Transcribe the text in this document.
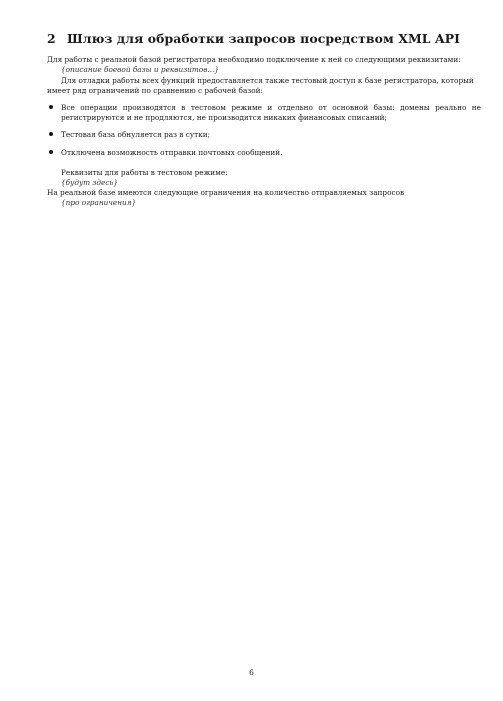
2 Шлюз для обработки запросов посредством XML API
Для работы с реальной базой регистратора необходимо подключение к ней со следующими реквизитами:
{описание боевой базы и реквизитов...}
Для отладки работы всех функций предоставляется также тестовый доступ к базе регистратора, который
имеет ряд ограничений по сравнению с рабочей базой:
Все операции производятся в тестовом режиме и отдельно от основной базы: домены реально не регистрируются и не продляются, не производятся никаких финансовых списаний;
Тестовая база обнуляется раз в сутки;
Отключена возможность отправки почтовых сообщений.
Реквизиты для работы в тестовом режиме:
{будут здесь}
На реальной базе имеются следующие ограничения на количество отправляемых запросов
{про ограничения}
6
